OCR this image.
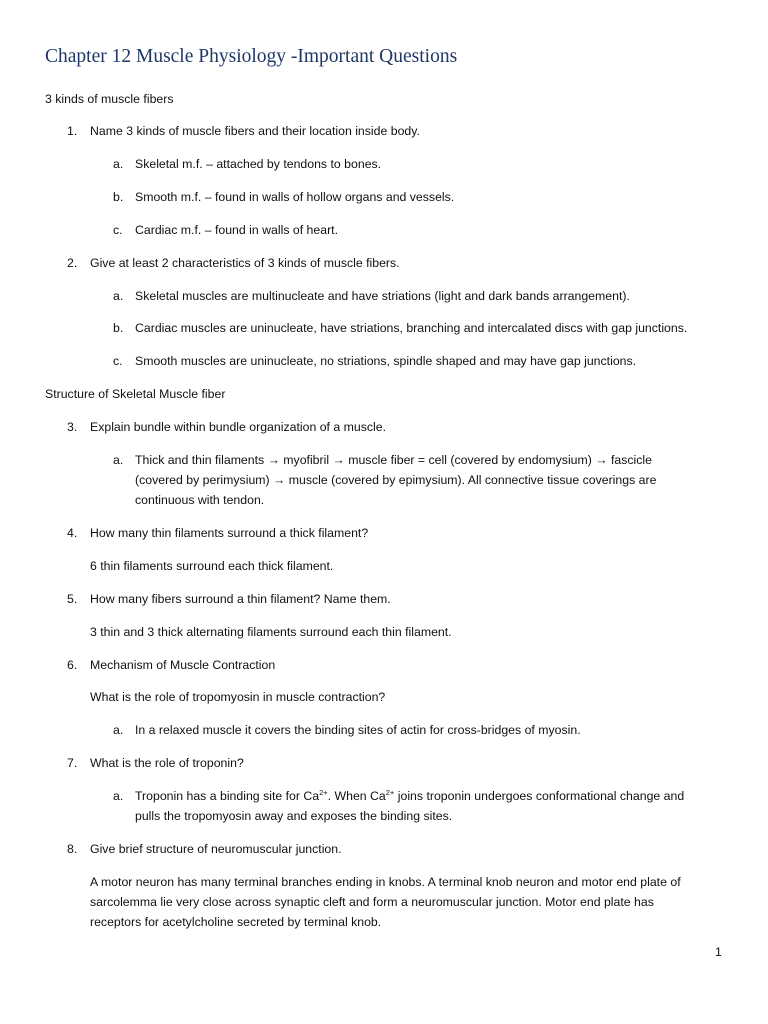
Chapter 12 Muscle Physiology -Important Questions
3 kinds of muscle fibers
1. Name 3 kinds of muscle fibers and their location inside body.
a. Skeletal m.f. – attached by tendons to bones.
b. Smooth m.f. – found in walls of hollow organs and vessels.
c. Cardiac m.f. – found in walls of heart.
2. Give at least 2 characteristics of 3 kinds of muscle fibers.
a. Skeletal muscles are multinucleate and have striations (light and dark bands arrangement).
b. Cardiac muscles are uninucleate, have striations, branching and intercalated discs with gap junctions.
c. Smooth muscles are uninucleate, no striations, spindle shaped and may have gap junctions.
Structure of Skeletal Muscle fiber
3. Explain bundle within bundle organization of a muscle.
a. Thick and thin filaments → myofibril → muscle fiber = cell (covered by endomysium) → fascicle
(covered by perimysium) → muscle (covered by epimysium). All connective tissue coverings are
continuous with tendon.
4. How many thin filaments surround a thick filament?
6 thin filaments surround each thick filament.
5. How many fibers surround a thin filament? Name them.
3 thin and 3 thick alternating filaments surround each thin filament.
6. Mechanism of Muscle Contraction
What is the role of tropomyosin in muscle contraction?
a. In a relaxed muscle it covers the binding sites of actin for cross-bridges of myosin.
7. What is the role of troponin?
a. Troponin has a binding site for $Ca^{2+}$. When $Ca^{2+}$ joins troponin undergoes conformational change and
pulls the tropomyosin away and exposes the binding sites.
8. Give brief structure of neuromuscular junction.
A motor neuron has many terminal branches ending in knobs. A terminal knob neuron and motor end plate of
sarcolemma lie very close across synaptic cleft and form a neuromuscular junction. Motor end plate has
receptors for acetylcholine secreted by terminal knob.
1
